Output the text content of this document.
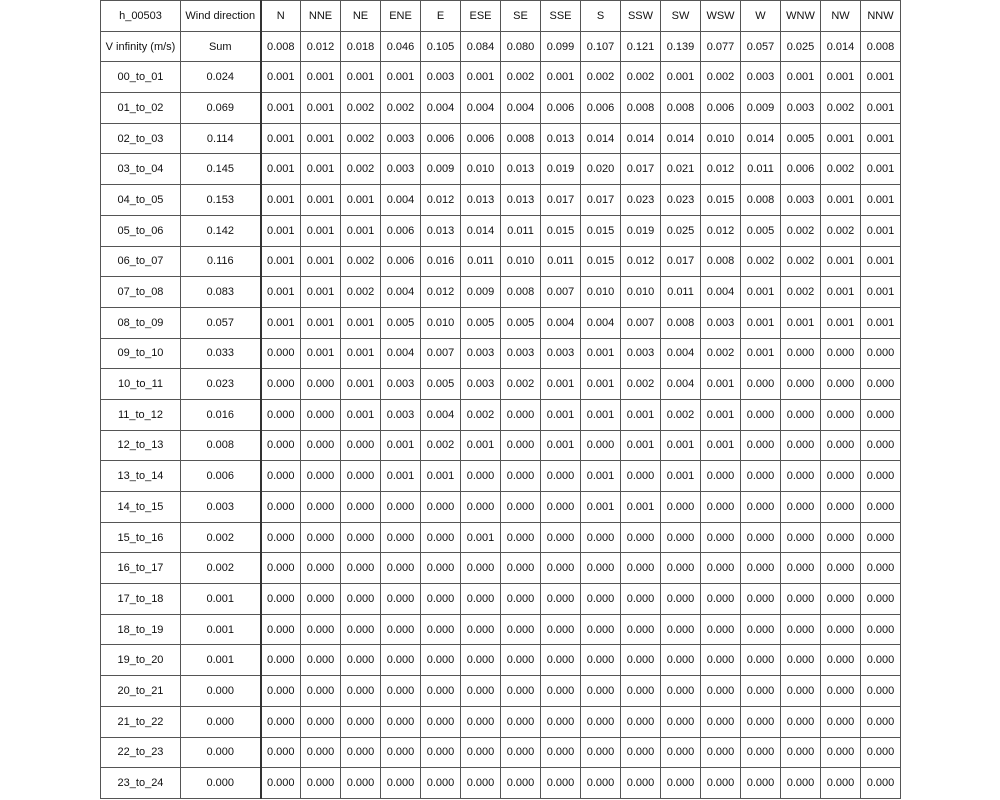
h_00503	Wind direction	N	NNE	NE	ENE	E	ESE	SE	SSE	S	SSW	SW	WSW	W	WNW	NW	NNW
V infinity (m/s)	Sum	0.008	0.012	0.018	0.046	0.105	0.084	0.080	0.099	0.107	0.121	0.139	0.077	0.057	0.025	0.014	0.008
00_to_01	0.024	0.001	0.001	0.001	0.001	0.003	0.001	0.002	0.001	0.002	0.002	0.001	0.002	0.003	0.001	0.001	0.001
01_to_02	0.069	0.001	0.001	0.002	0.002	0.004	0.004	0.004	0.006	0.006	0.008	0.008	0.006	0.009	0.003	0.002	0.001
02_to_03	0.114	0.001	0.001	0.002	0.003	0.006	0.006	0.008	0.013	0.014	0.014	0.014	0.010	0.014	0.005	0.001	0.001
03_to_04	0.145	0.001	0.001	0.002	0.003	0.009	0.010	0.013	0.019	0.020	0.017	0.021	0.012	0.011	0.006	0.002	0.001
04_to_05	0.153	0.001	0.001	0.001	0.004	0.012	0.013	0.013	0.017	0.017	0.023	0.023	0.015	0.008	0.003	0.001	0.001
05_to_06	0.142	0.001	0.001	0.001	0.006	0.013	0.014	0.011	0.015	0.015	0.019	0.025	0.012	0.005	0.002	0.002	0.001
06_to_07	0.116	0.001	0.001	0.002	0.006	0.016	0.011	0.010	0.011	0.015	0.012	0.017	0.008	0.002	0.002	0.001	0.001
07_to_08	0.083	0.001	0.001	0.002	0.004	0.012	0.009	0.008	0.007	0.010	0.010	0.011	0.004	0.001	0.002	0.001	0.001
08_to_09	0.057	0.001	0.001	0.001	0.005	0.010	0.005	0.005	0.004	0.004	0.007	0.008	0.003	0.001	0.001	0.001	0.001
09_to_10	0.033	0.000	0.001	0.001	0.004	0.007	0.003	0.003	0.003	0.001	0.003	0.004	0.002	0.001	0.000	0.000	0.000
10_to_11	0.023	0.000	0.000	0.001	0.003	0.005	0.003	0.002	0.001	0.001	0.002	0.004	0.001	0.000	0.000	0.000	0.000
11_to_12	0.016	0.000	0.000	0.001	0.003	0.004	0.002	0.000	0.001	0.001	0.001	0.002	0.001	0.000	0.000	0.000	0.000
12_to_13	0.008	0.000	0.000	0.000	0.001	0.002	0.001	0.000	0.001	0.000	0.001	0.001	0.001	0.000	0.000	0.000	0.000
13_to_14	0.006	0.000	0.000	0.000	0.001	0.001	0.000	0.000	0.000	0.001	0.000	0.001	0.000	0.000	0.000	0.000	0.000
14_to_15	0.003	0.000	0.000	0.000	0.000	0.000	0.000	0.000	0.000	0.001	0.001	0.000	0.000	0.000	0.000	0.000	0.000
15_to_16	0.002	0.000	0.000	0.000	0.000	0.000	0.001	0.000	0.000	0.000	0.000	0.000	0.000	0.000	0.000	0.000	0.000
16_to_17	0.002	0.000	0.000	0.000	0.000	0.000	0.000	0.000	0.000	0.000	0.000	0.000	0.000	0.000	0.000	0.000	0.000
17_to_18	0.001	0.000	0.000	0.000	0.000	0.000	0.000	0.000	0.000	0.000	0.000	0.000	0.000	0.000	0.000	0.000	0.000
18_to_19	0.001	0.000	0.000	0.000	0.000	0.000	0.000	0.000	0.000	0.000	0.000	0.000	0.000	0.000	0.000	0.000	0.000
19_to_20	0.001	0.000	0.000	0.000	0.000	0.000	0.000	0.000	0.000	0.000	0.000	0.000	0.000	0.000	0.000	0.000	0.000
20_to_21	0.000	0.000	0.000	0.000	0.000	0.000	0.000	0.000	0.000	0.000	0.000	0.000	0.000	0.000	0.000	0.000	0.000
21_to_22	0.000	0.000	0.000	0.000	0.000	0.000	0.000	0.000	0.000	0.000	0.000	0.000	0.000	0.000	0.000	0.000	0.000
22_to_23	0.000	0.000	0.000	0.000	0.000	0.000	0.000	0.000	0.000	0.000	0.000	0.000	0.000	0.000	0.000	0.000	0.000
23_to_24	0.000	0.000	0.000	0.000	0.000	0.000	0.000	0.000	0.000	0.000	0.000	0.000	0.000	0.000	0.000	0.000	0.000
